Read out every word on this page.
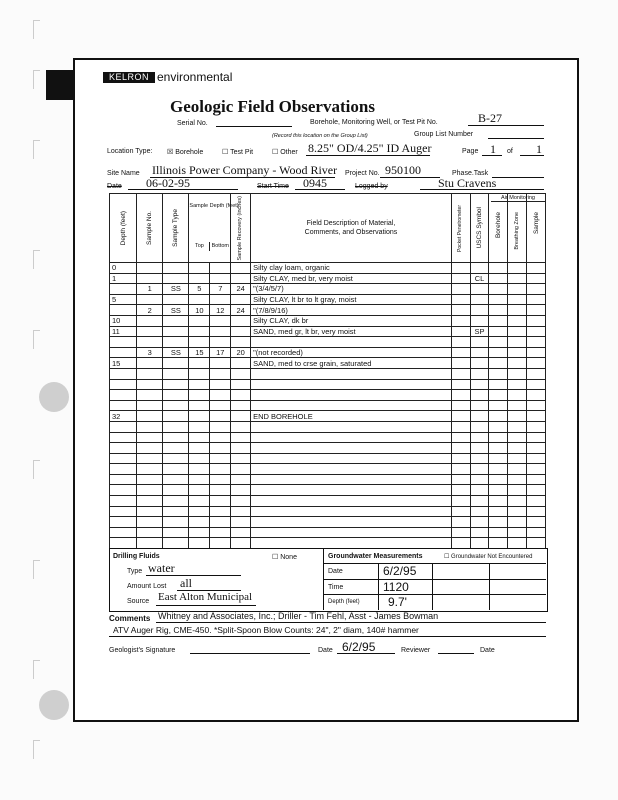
KELRON environmental
Geologic Field Observations
Serial No.	Borehole, Monitoring Well, or Test Pit No.	B-27
(Record this location on the Group List)	Group List Number
Location Type: ☒ Borehole	☐ Test Pit	☐ Other 8.25" OD/4.25" ID Auger	Page 1 of 1
Site Name Illinois Power Company - Wood River Project No. 950100	Phase.Task
Date 06-02-95	Start Time 0945	Logged by	Stu Cravens
Depth (feet)	Sample No.	Sample Type	Sample Depth (feet)
Top Bottom		Sample Recovery (inches)	Field Description of Material, Comments, and Observations	Pocket Penetrometer	USCS Symbol	Borehole	Breathing Zone	Sample

0						Silty clay loam, organic					
1						Silty CLAY, med br, very moist		CL			
	1	SS	5	7	24	"(3/4/5/7)					
5						Silty CLAY, lt br to lt gray, moist					
	2	SS	10	12	24	"(7/8/9/16)					
10						Silty CLAY, dk br					
11						SAND, med gr, lt br, very moist		SP			

	3	SS	15	17	20	"(not recorded)					
15						SAND, med to crse grain, saturated					

32						END BOREHOLE					

Air Monitoring
Drilling Fluids	☐ None
Type water
Amount Lost all
Source East Alton Municipal
Groundwater Measurements	☐ Groundwater Not Encountered
Date	6/2/95
Time	1120
Depth (feet) 9.7'
Comments Whitney and Associates, Inc.; Driller - Tim Fehl, Asst - James Bowman
ATV Auger Rig, CME-450. *Split-Spoon Blow Counts: 24", 2" diam, 140# hammer
Geologist's Signature	Date 6/2/95	Reviewer	Date
